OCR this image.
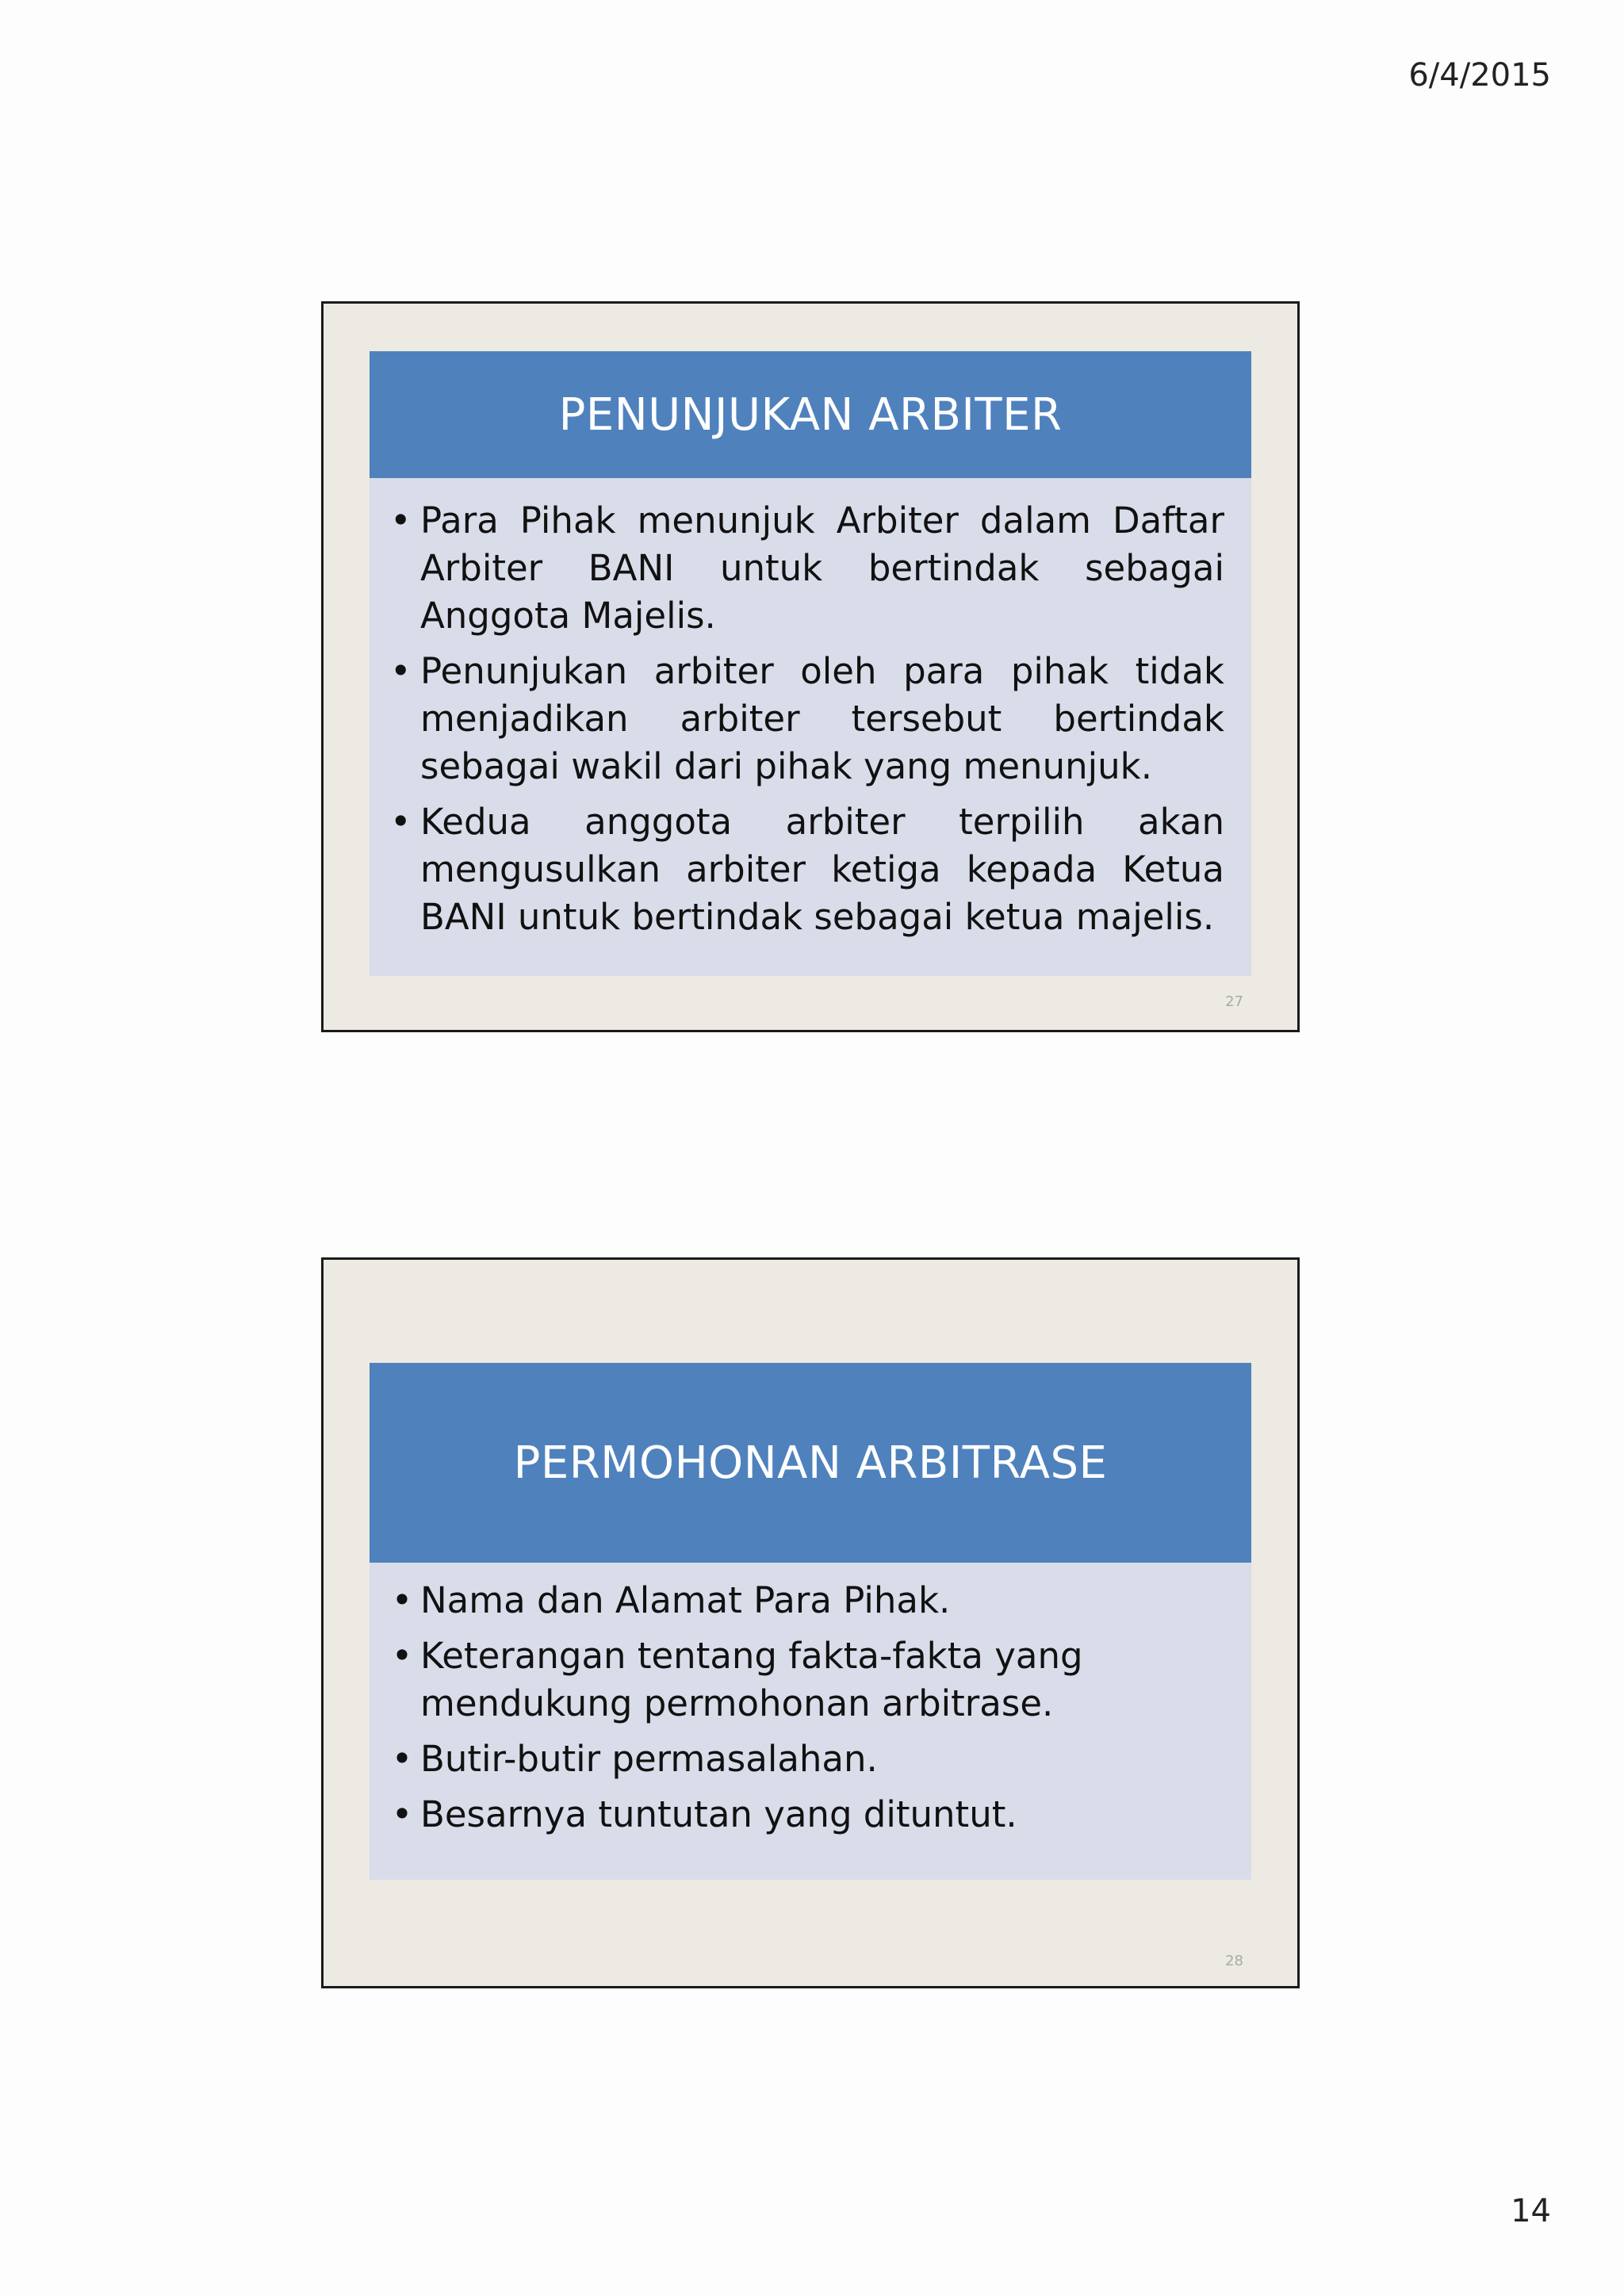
6/4/2015
PENUNJUKAN ARBITER
• Para Pihak menunjuk Arbiter dalam Daftar Arbiter BANI untuk bertindak sebagai Anggota Majelis.
• Penunjukan arbiter oleh para pihak tidak menjadikan arbiter tersebut bertindak sebagai wakil dari pihak yang menunjuk.
• Kedua anggota arbiter terpilih akan mengusulkan arbiter ketiga kepada Ketua BANI untuk bertindak sebagai ketua majelis.
27
PERMOHONAN ARBITRASE
• Nama dan Alamat Para Pihak.
• Keterangan tentang fakta-fakta yang mendukung permohonan arbitrase.
• Butir-butir permasalahan.
• Besarnya tuntutan yang dituntut.
28
14
